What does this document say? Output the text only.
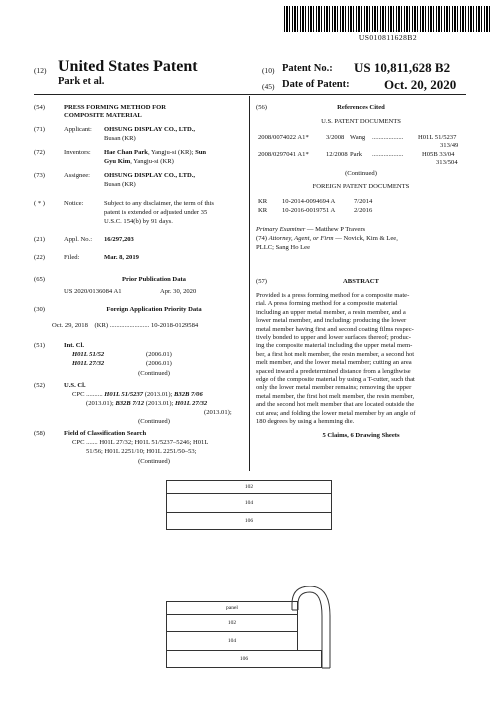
US010811628B2
(12) United States Patent
Park et al.
(10) Patent No.: US 10,811,628 B2
(45) Date of Patent:	Oct. 20, 2020
(54)	PRESS FORMING METHOD FOR
COMPOSITE MATERIAL
(71)	Applicant: OHSUNG DISPLAY CO., LTD.,
Busan (KR)
(72)	Inventors: Hae Chan Park, Yangju-si (KR); Sun
Gyu Kim, Yangju-si (KR)
(73)	Assignee: OHSUNG DISPLAY CO., LTD.,
Busan (KR)
( * )	Notice:	Subject to any disclaimer, the term of this
patent is extended or adjusted under 35
U.S.C. 154(b) by 91 days.
(21)	Appl. No.: 16/297,203
(22)	Filed:	Mar. 8, 2019
(65)	Prior Publication Data
US 2020/0136084 A1	Apr. 30, 2020
(30)	Foreign Application Priority Data
Oct. 29, 2018 (KR) ........................ 10-2018-0129584
(51)	Int. Cl.
H01L 51/52	(2006.01)
H01L 27/32	(2006.01)
(Continued)
(52)	U.S. Cl.
CPC .......... H01L 51/5237 (2013.01); B32B 7/06
(2013.01); B32B 7/12 (2013.01); H01L 27/32
(2013.01);
(Continued)
(58)	Field of Classification Search
CPC ....... H01L 27/32; H01L 51/5237–5246; H01L
51/56; H01L 2251/10; H01L 2251/50–53;
(Continued)
(56)	References Cited
U.S. PATENT DOCUMENTS
2008/0074022 A1*	3/2008 Wang ................... H01L 51/5237
313/49
2008/0297041 A1*	12/2008 Park ...................	H05B 33/04
313/504
(Continued)
FOREIGN PATENT DOCUMENTS
KR 10-2014-0094694 A	7/2014
KR 10-2016-0019751 A	2/2016
Primary Examiner — Matthew P Travers
(74) Attorney, Agent, or Firm — Novick, Kim & Lee,
PLLC; Sang Ho Lee
(57)	ABSTRACT
Provided is a press forming method for a composite mate-
rial. A press forming method for a composite material
including an upper metal member, a resin member, and a
lower metal member, and including: producing the lower
metal member having first and second coating films respec-
tively bonded to upper and lower surfaces thereof; produc-
ing the composite material including the upper metal mem-
ber, a first hot melt member, the resin member, a second hot
melt member, and the lower metal member; cutting an area
spaced inward a predetermined distance from a lengthwise
edge of the composite material by using a T-cutter, such that
only the lower metal member remains; removing the upper
metal member, the first hot melt member, the resin member,
and the second hot melt member that are located outside the
cut area; and folding the lower metal member by an angle of
180 degrees by using a hemming die.
5 Claims, 6 Drawing Sheets
102
104
106
panel
102
104
106
